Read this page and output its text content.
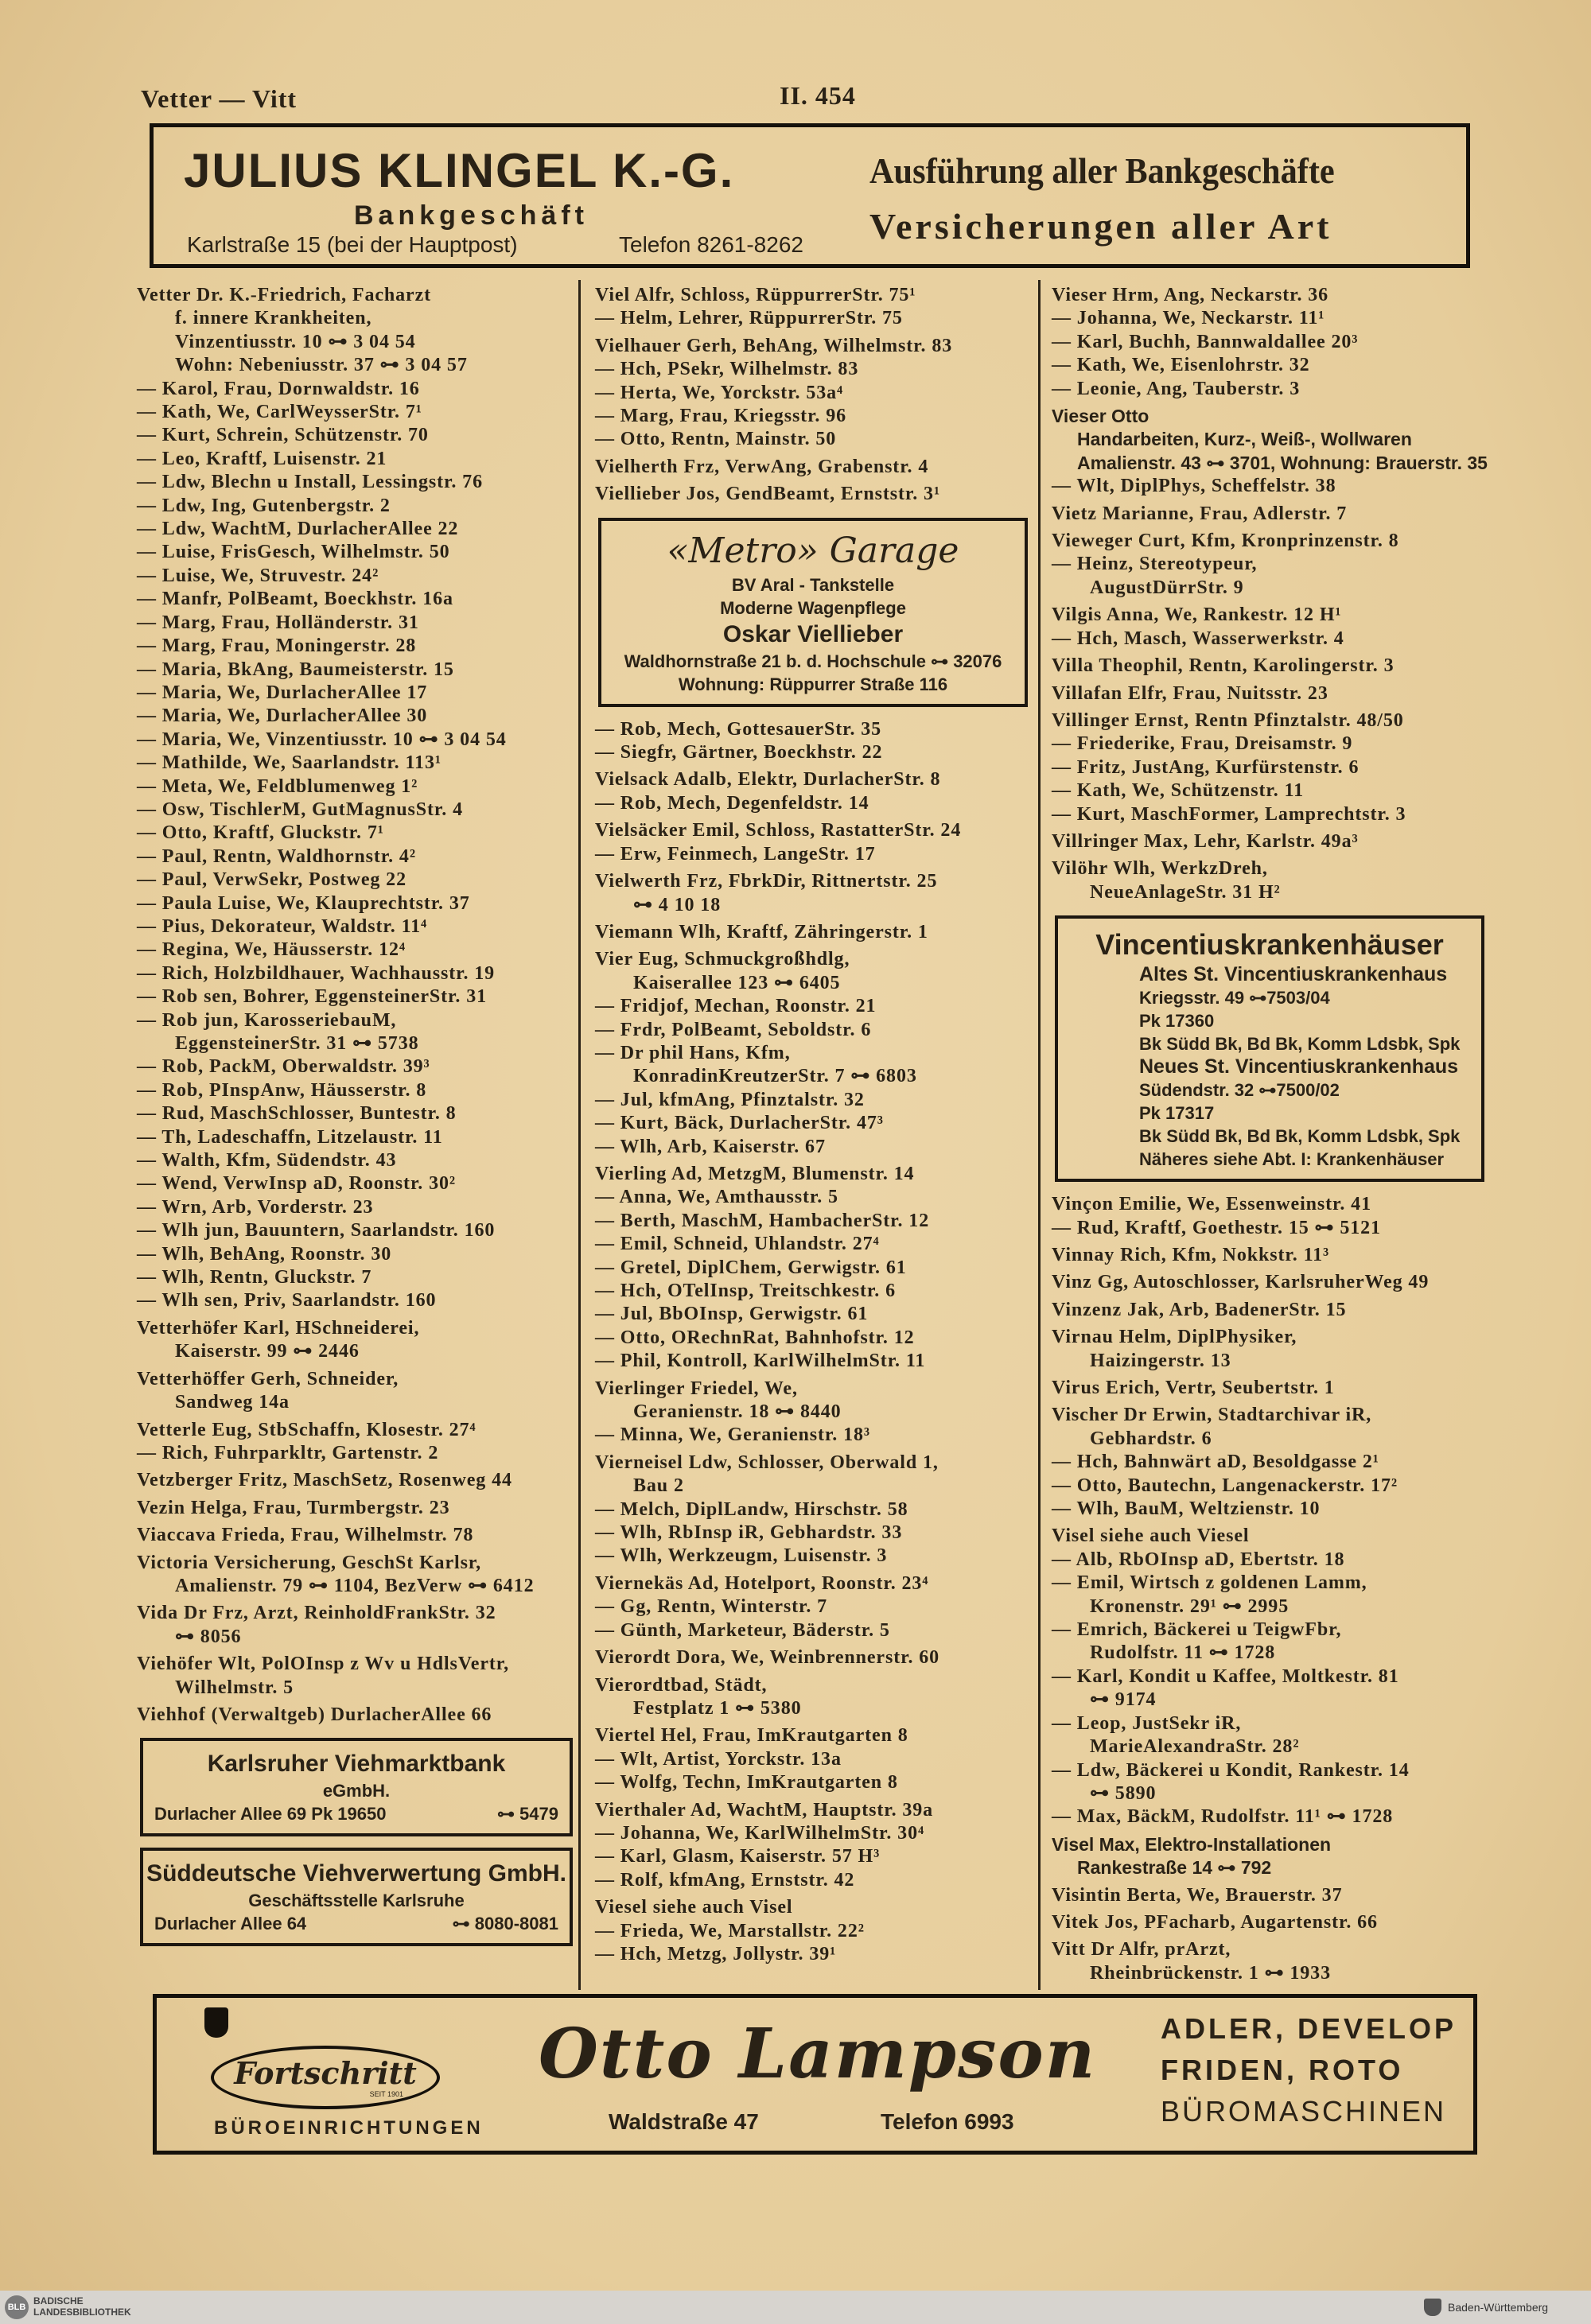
Vetter — Vitt	II. 454
JULIUS KLINGEL K.-G.
Bankgeschäft
Karlstraße 15 (bei der Hauptpost)	Telefon 8261-8262
Ausführung aller Bankgeschäfte
Versicherungen aller Art
Vetter Dr. K.-Friedrich, Facharzt
f. innere Krankheiten,
Vinzentiusstr. 10 ⊶ 3 04 54
Wohn: Nebeniusstr. 37 ⊶ 3 04 57
— Karol, Frau, Dornwaldstr. 16
— Kath, We, CarlWeysserStr. 7¹
— Kurt, Schrein, Schützenstr. 70
— Leo, Kraftf, Luisenstr. 21
— Ldw, Blechn u Install, Lessingstr. 76
— Ldw, Ing, Gutenbergstr. 2
— Ldw, WachtM, DurlacherAllee 22
— Luise, FrisGesch, Wilhelmstr. 50
— Luise, We, Struvestr. 24²
— Manfr, PolBeamt, Boeckhstr. 16a
— Marg, Frau, Holländerstr. 31
— Marg, Frau, Moningerstr. 28
— Maria, BkAng, Baumeisterstr. 15
— Maria, We, DurlacherAllee 17
— Maria, We, DurlacherAllee 30
— Maria, We, Vinzentiusstr. 10 ⊶ 3 04 54
— Mathilde, We, Saarlandstr. 113¹
— Meta, We, Feldblumenweg 1²
— Osw, TischlerM, GutMagnusStr. 4
— Otto, Kraftf, Gluckstr. 7¹
— Paul, Rentn, Waldhornstr. 4²
— Paul, VerwSekr, Postweg 22
— Paula Luise, We, Klauprechtstr. 37
— Pius, Dekorateur, Waldstr. 11⁴
— Regina, We, Häusserstr. 12⁴
— Rich, Holzbildhauer, Wachhausstr. 19
— Rob sen, Bohrer, EggensteinerStr. 31
— Rob jun, KarosseriebauM,
EggensteinerStr. 31 ⊶ 5738
— Rob, PackM, Oberwaldstr. 39³
— Rob, PInspAnw, Häusserstr. 8
— Rud, MaschSchlosser, Buntestr. 8
— Th, Ladeschaffn, Litzelaustr. 11
— Walth, Kfm, Südendstr. 43
— Wend, VerwInsp aD, Roonstr. 30²
— Wrn, Arb, Vorderstr. 23
— Wlh jun, Bauuntern, Saarlandstr. 160
— Wlh, BehAng, Roonstr. 30
— Wlh, Rentn, Gluckstr. 7
— Wlh sen, Priv, Saarlandstr. 160
Vetterhöfer Karl, HSchneiderei,
Kaiserstr. 99 ⊶ 2446
Vetterhöffer Gerh, Schneider,
Sandweg 14a
Vetterle Eug, StbSchaffn, Klosestr. 27⁴
— Rich, Fuhrparkltr, Gartenstr. 2
Vetzberger Fritz, MaschSetz, Rosenweg 44
Vezin Helga, Frau, Turmbergstr. 23
Viaccava Frieda, Frau, Wilhelmstr. 78
Victoria Versicherung, GeschSt Karlsr,
Amalienstr. 79 ⊶ 1104, BezVerw ⊶ 6412
Vida Dr Frz, Arzt, ReinholdFrankStr. 32
⊶ 8056
Viehöfer Wlt, PolOInsp z Wv u HdlsVertr,
Wilhelmstr. 5
Viehhof (Verwaltgeb) DurlacherAllee 66
Karlsruher Viehmarktbank
eGmbH.
Durlacher Allee 69 Pk 19650	⊶ 5479
Süddeutsche Viehverwertung GmbH.
Geschäftsstelle Karlsruhe
Durlacher Allee 64	⊶ 8080-8081
Viel Alfr, Schloss, RüppurrerStr. 75¹
— Helm, Lehrer, RüppurrerStr. 75
Vielhauer Gerh, BehAng, Wilhelmstr. 83
— Hch, PSekr, Wilhelmstr. 83
— Herta, We, Yorckstr. 53a⁴
— Marg, Frau, Kriegsstr. 96
— Otto, Rentn, Mainstr. 50
Vielherth Frz, VerwAng, Grabenstr. 4
Viellieber Jos, GendBeamt, Ernststr. 3¹
«Metro» Garage
BV Aral - Tankstelle
Moderne Wagenpflege
Oskar Viellieber
Waldhornstraße 21 b. d. Hochschule ⊶ 32076
Wohnung: Rüppurrer Straße 116
— Rob, Mech, GottesauerStr. 35
— Siegfr, Gärtner, Boeckhstr. 22
Vielsack Adalb, Elektr, DurlacherStr. 8
— Rob, Mech, Degenfeldstr. 14
Vielsäcker Emil, Schloss, RastatterStr. 24
— Erw, Feinmech, LangeStr. 17
Vielwerth Frz, FbrkDir, Rittnertstr. 25
⊶ 4 10 18
Viemann Wlh, Kraftf, Zähringerstr. 1
Vier Eug, Schmuckgroßhdlg,
Kaiserallee 123 ⊶ 6405
— Fridjof, Mechan, Roonstr. 21
— Frdr, PolBeamt, Seboldstr. 6
— Dr phil Hans, Kfm,
KonradinKreutzerStr. 7 ⊶ 6803
— Jul, kfmAng, Pfinztalstr. 32
— Kurt, Bäck, DurlacherStr. 47³
— Wlh, Arb, Kaiserstr. 67
Vierling Ad, MetzgM, Blumenstr. 14
— Anna, We, Amthausstr. 5
— Berth, MaschM, HambacherStr. 12
— Emil, Schneid, Uhlandstr. 27⁴
— Gretel, DiplChem, Gerwigstr. 61
— Hch, OTelInsp, Treitschkestr. 6
— Jul, BbOInsp, Gerwigstr. 61
— Otto, ORechnRat, Bahnhofstr. 12
— Phil, Kontroll, KarlWilhelmStr. 11
Vierlinger Friedel, We,
Geranienstr. 18 ⊶ 8440
— Minna, We, Geranienstr. 18³
Vierneisel Ldw, Schlosser, Oberwald 1,
Bau 2
— Melch, DiplLandw, Hirschstr. 58
— Wlh, RbInsp iR, Gebhardstr. 33
— Wlh, Werkzeugm, Luisenstr. 3
Viernekäs Ad, Hotelport, Roonstr. 23⁴
— Gg, Rentn, Winterstr. 7
— Günth, Marketeur, Bäderstr. 5
Vierordt Dora, We, Weinbrennerstr. 60
Vierordtbad, Städt,
Festplatz 1 ⊶ 5380
Viertel Hel, Frau, ImKrautgarten 8
— Wlt, Artist, Yorckstr. 13a
— Wolfg, Techn, ImKrautgarten 8
Vierthaler Ad, WachtM, Hauptstr. 39a
— Johanna, We, KarlWilhelmStr. 30⁴
— Karl, Glasm, Kaiserstr. 57 H³
— Rolf, kfmAng, Ernststr. 42
Viesel siehe auch Visel
— Frieda, We, Marstallstr. 22²
— Hch, Metzg, Jollystr. 39¹
Vieser Hrm, Ang, Neckarstr. 36
— Johanna, We, Neckarstr. 11¹
— Karl, Buchh, Bannwaldallee 20³
— Kath, We, Eisenlohrstr. 32
— Leonie, Ang, Tauberstr. 3
Vieser Otto
Handarbeiten, Kurz-, Weiß-, Wollwaren
Amalienstr. 43 ⊶ 3701, Wohnung: Brauerstr. 35
— Wlt, DiplPhys, Scheffelstr. 38
Vietz Marianne, Frau, Adlerstr. 7
Vieweger Curt, Kfm, Kronprinzenstr. 8
— Heinz, Stereotypeur,
AugustDürrStr. 9
Vilgis Anna, We, Rankestr. 12 H¹
— Hch, Masch, Wasserwerkstr. 4
Villa Theophil, Rentn, Karolingerstr. 3
Villafan Elfr, Frau, Nuitsstr. 23
Villinger Ernst, Rentn Pfinztalstr. 48/50
— Friederike, Frau, Dreisamstr. 9
— Fritz, JustAng, Kurfürstenstr. 6
— Kath, We, Schützenstr. 11
— Kurt, MaschFormer, Lamprechtstr. 3
Villringer Max, Lehr, Karlstr. 49a³
Vilöhr Wlh, WerkzDreh,
NeueAnlageStr. 31 H²
Vincentiuskrankenhäuser
Altes St. Vincentiuskrankenhaus
Kriegsstr. 49 ⊶7503/04
Pk 17360
Bk Südd Bk, Bd Bk, Komm Ldsbk, Spk
Neues St. Vincentiuskrankenhaus
Südendstr. 32 ⊶7500/02
Pk 17317
Bk Südd Bk, Bd Bk, Komm Ldsbk, Spk
Näheres siehe Abt. I: Krankenhäuser
Vinçon Emilie, We, Essenweinstr. 41
— Rud, Kraftf, Goethestr. 15 ⊶ 5121
Vinnay Rich, Kfm, Nokkstr. 11³
Vinz Gg, Autoschlosser, KarlsruherWeg 49
Vinzenz Jak, Arb, BadenerStr. 15
Virnau Helm, DiplPhysiker,
Haizingerstr. 13
Virus Erich, Vertr, Seubertstr. 1
Vischer Dr Erwin, Stadtarchivar iR,
Gebhardstr. 6
— Hch, Bahnwärt aD, Besoldgasse 2¹
— Otto, Bautechn, Langenackerstr. 17²
— Wlh, BauM, Weltzienstr. 10
Visel siehe auch Viesel
— Alb, RbOInsp aD, Ebertstr. 18
— Emil, Wirtsch z goldenen Lamm,
Kronenstr. 29¹ ⊶ 2995
— Emrich, Bäckerei u TeigwFbr,
Rudolfstr. 11 ⊶ 1728
— Karl, Kondit u Kaffee, Moltkestr. 81
⊶ 9174
— Leop, JustSekr iR,
MarieAlexandraStr. 28²
— Ldw, Bäckerei u Kondit, Rankestr. 14
⊶ 5890
— Max, BäckM, Rudolfstr. 11¹ ⊶ 1728
Visel Max, Elektro-Installationen
Rankestraße 14 ⊶ 792
Visintin Berta, We, Brauerstr. 37
Vitek Jos, PFacharb, Augartenstr. 66
Vitt Dr Alfr, prArzt,
Rheinbrückenstr. 1 ⊶ 1933
Fortschritt
SEIT 1901
BÜROEINRICHTUNGEN
Otto Lampson
Waldstraße 47	Telefon 6993
ADLER, DEVELOP
FRIDEN, ROTO
BÜROMASCHINEN
BLB
BADISCHE
LANDESBIBLIOTHEK	Baden-Württemberg
